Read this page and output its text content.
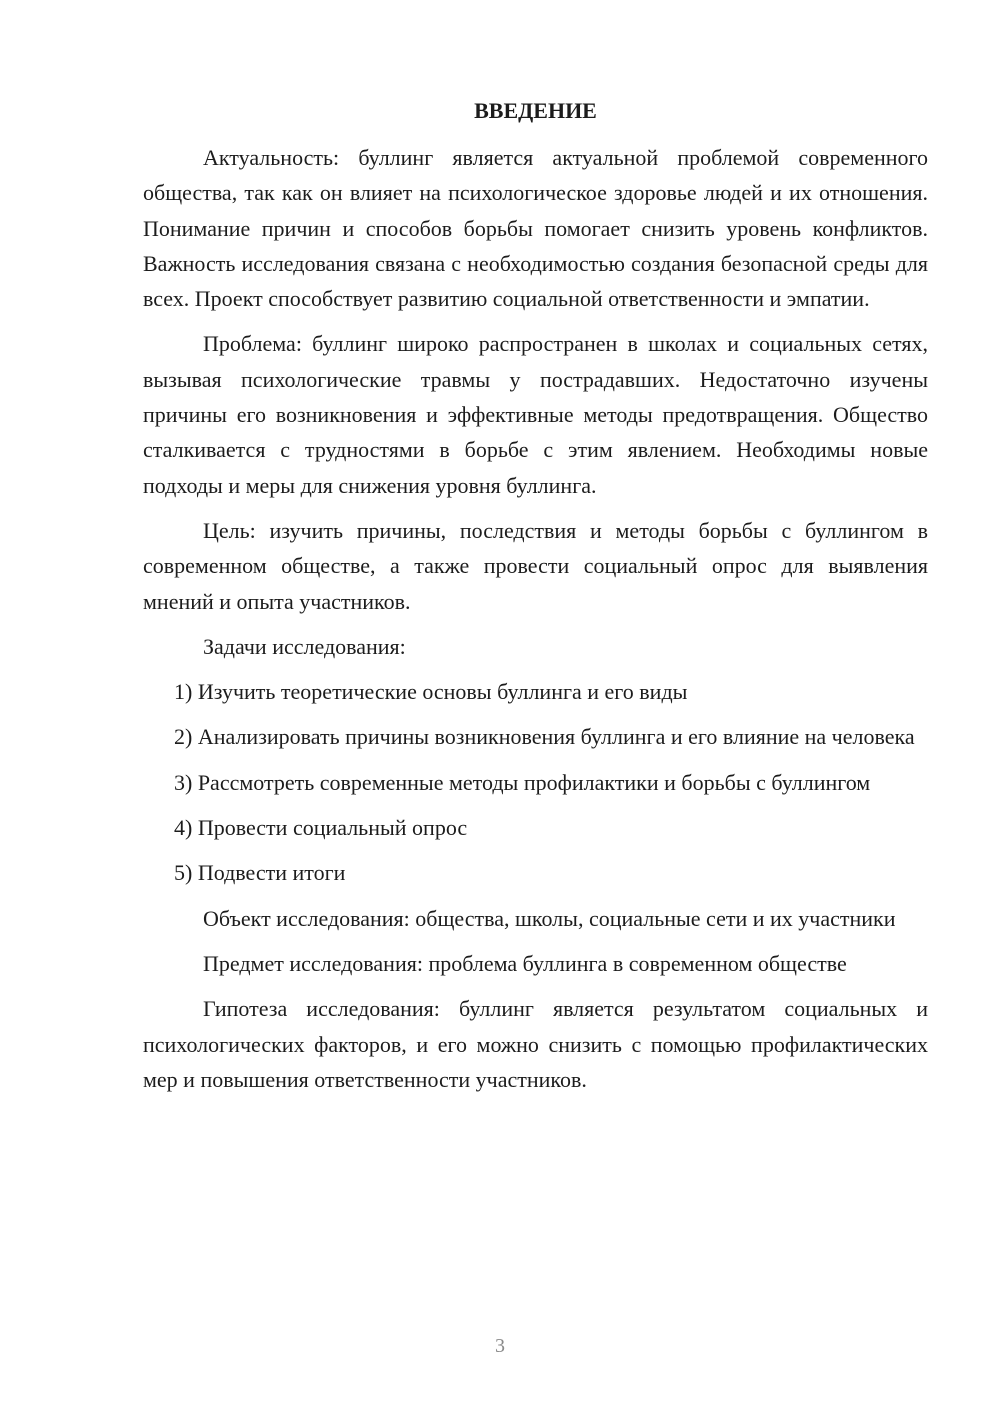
ВВЕДЕНИЕ

Актуальность: буллинг является актуальной проблемой современного общества, так как он влияет на психологическое здоровье людей и их отношения. Понимание причин и способов борьбы помогает снизить уровень конфликтов. Важность исследования связана с необходимостью создания безопасной среды для всех. Проект способствует развитию социальной ответственности и эмпатии.

Проблема: буллинг широко распространен в школах и социальных сетях, вызывая психологические травмы у пострадавших. Недостаточно изучены причины его возникновения и эффективные методы предотвращения. Общество сталкивается с трудностями в борьбе с этим явлением. Необходимы новые подходы и меры для снижения уровня буллинга.

Цель: изучить причины, последствия и методы борьбы с буллингом в современном обществе, а также провести социальный опрос для выявления мнений и опыта участников.

Задачи исследования:

1) Изучить теоретические основы буллинга и его виды

2) Анализировать причины возникновения буллинга и его влияние на человека

3) Рассмотреть современные методы профилактики и борьбы с буллингом

4) Провести социальный опрос

5) Подвести итоги

Объект исследования: общества, школы, социальные сети и их участники

Предмет исследования: проблема буллинга в современном обществе

Гипотеза исследования: буллинг является результатом социальных и психологических факторов, и его можно снизить с помощью профилактических мер и повышения ответственности участников.

3
